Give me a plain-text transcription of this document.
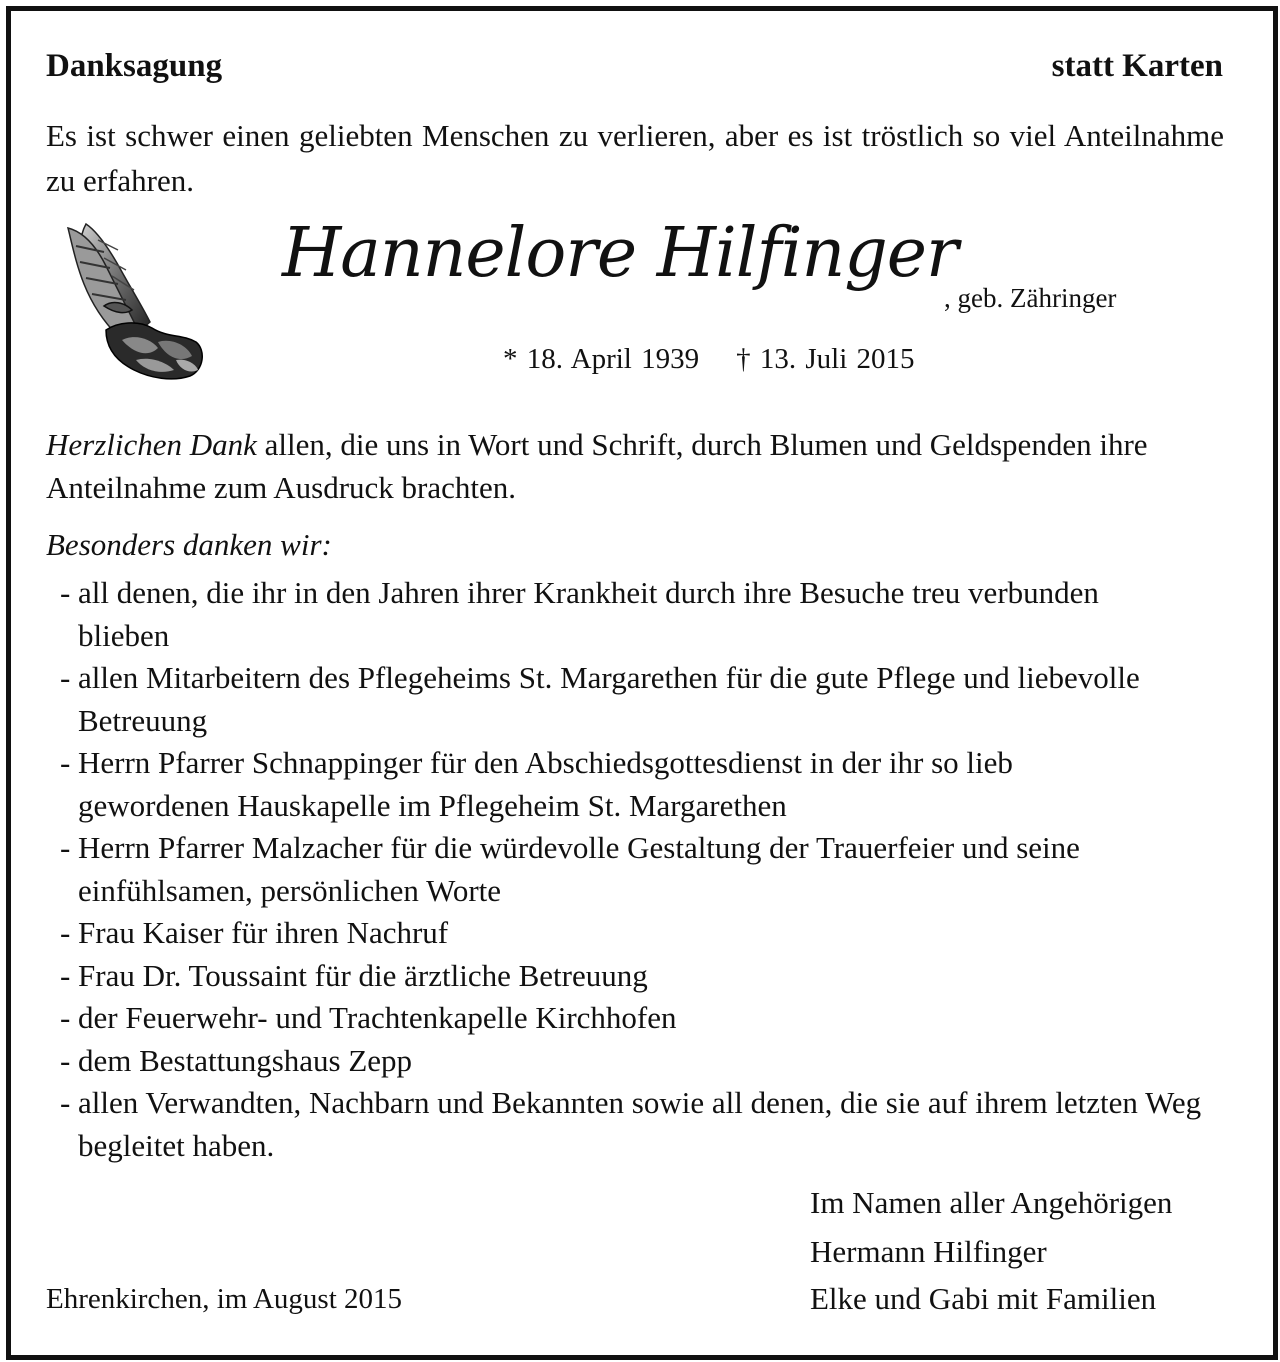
Danksagung	statt Karten
Es ist schwer einen geliebten Menschen zu verlieren, aber es ist tröstlich so viel Anteilnahme zu erfahren.
Hannelore Hilfinger
, geb. Zähringer
* 18. April 1939 † 13. Juli 2015
Herzlichen Dank allen, die uns in Wort und Schrift, durch Blumen und Geldspenden ihre Anteilnahme zum Ausdruck brachten.
Besonders danken wir:
- all denen, die ihr in den Jahren ihrer Krankheit durch ihre Besuche treu verbunden blieben
- allen Mitarbeitern des Pflegeheims St. Margarethen für die gute Pflege und liebevolle Betreuung
- Herrn Pfarrer Schnappinger für den Abschiedsgottesdienst in der ihr so lieb gewordenen Hauskapelle im Pflegeheim St. Margarethen
- Herrn Pfarrer Malzacher für die würdevolle Gestaltung der Trauerfeier und seine einfühlsamen, persönlichen Worte
- Frau Kaiser für ihren Nachruf
- Frau Dr. Toussaint für die ärztliche Betreuung
- der Feuerwehr- und Trachtenkapelle Kirchhofen
- dem Bestattungshaus Zepp
- allen Verwandten, Nachbarn und Bekannten sowie all denen, die sie auf ihrem letzten Weg begleitet haben.
Im Namen aller Angehörigen
Hermann Hilfinger
Elke und Gabi mit Familien
Ehrenkirchen, im August 2015
